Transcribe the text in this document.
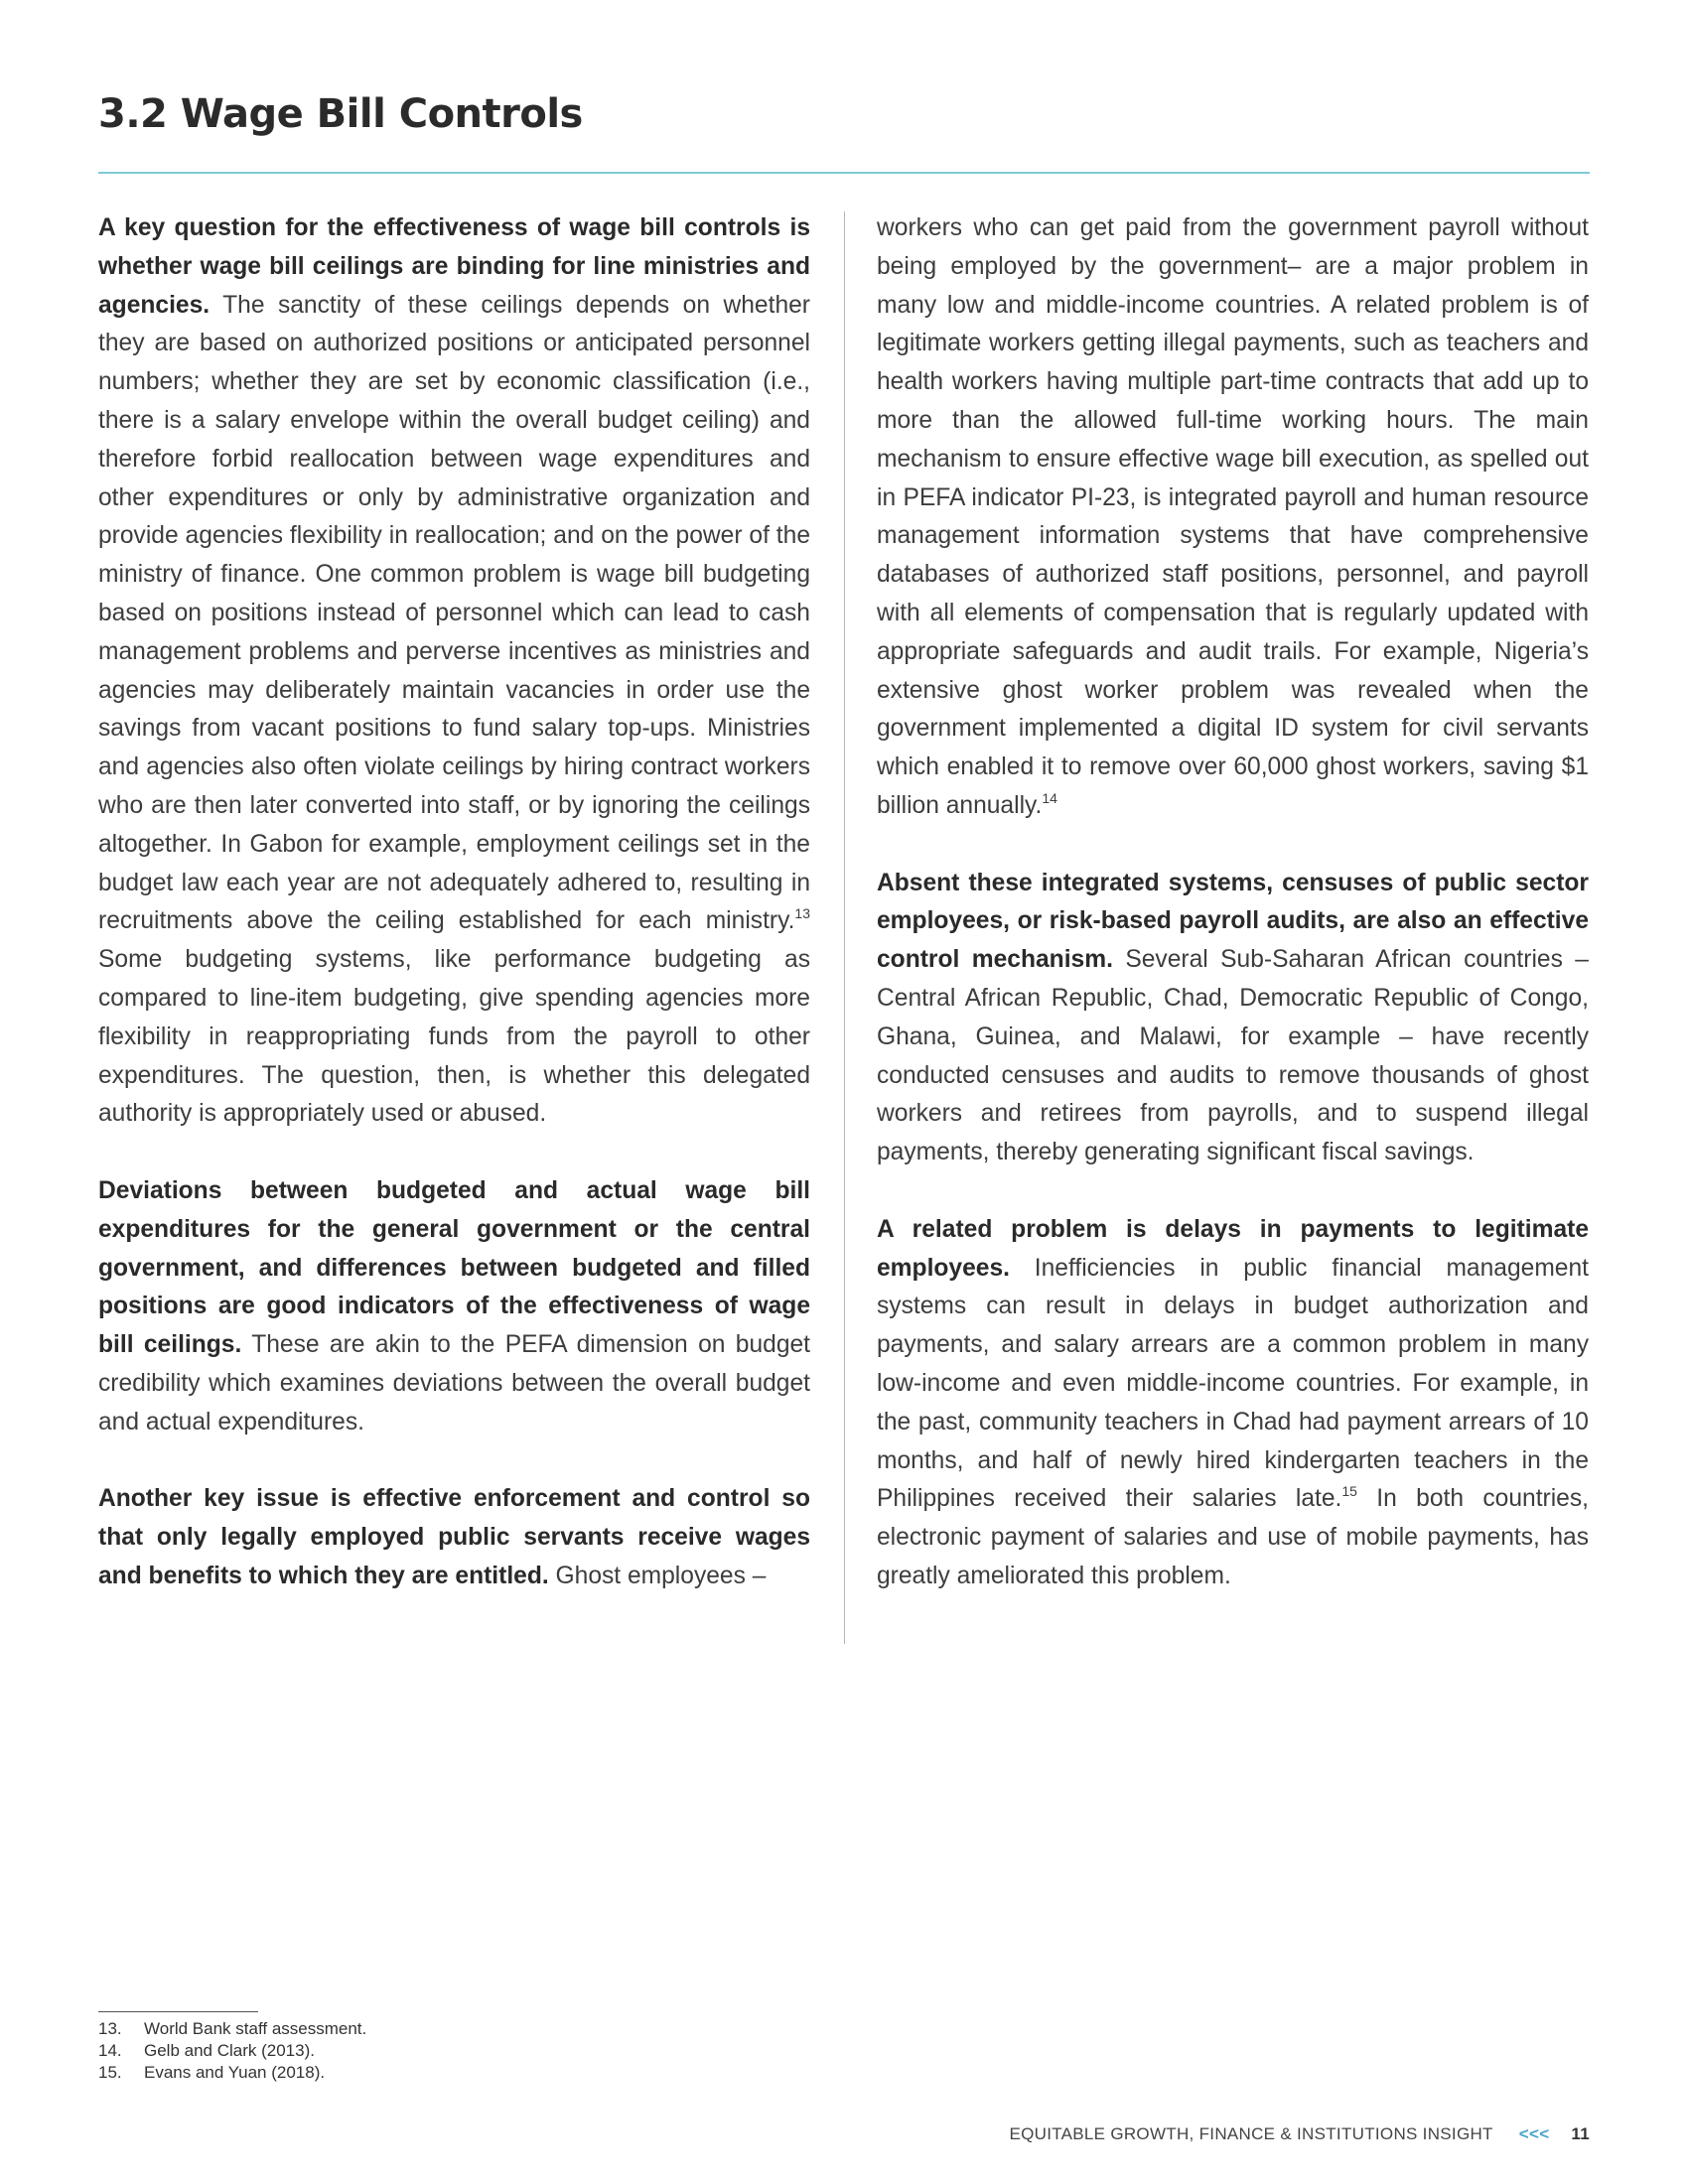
3.2 Wage Bill Controls

A key question for the effectiveness of wage bill controls is whether wage bill ceilings are binding for line ministries and agencies. The sanctity of these ceilings depends on whether they are based on authorized positions or anticipated personnel numbers; whether they are set by economic classification (i.e., there is a salary envelope within the overall budget ceiling) and therefore forbid reallocation between wage expenditures and other expenditures or only by administrative organization and provide agencies flexibility in reallocation; and on the power of the ministry of finance. One common problem is wage bill budgeting based on positions instead of personnel which can lead to cash management problems and perverse incentives as ministries and agencies may deliberately maintain vacancies in order use the savings from vacant positions to fund salary top-ups. Ministries and agencies also often violate ceilings by hiring contract workers who are then later converted into staff, or by ignoring the ceilings altogether. In Gabon for example, employment ceilings set in the budget law each year are not adequately adhered to, resulting in recruitments above the ceiling established for each ministry.$^{13}$ Some budgeting systems, like performance budgeting as compared to line-item budgeting, give spending agencies more flexibility in reappropriating funds from the payroll to other expenditures. The question, then, is whether this delegated authority is appropriately used or abused.

Deviations between budgeted and actual wage bill expenditures for the general government or the central government, and differences between budgeted and filled positions are good indicators of the effectiveness of wage bill ceilings. These are akin to the PEFA dimension on budget credibility which examines deviations between the overall budget and actual expenditures.

Another key issue is effective enforcement and control so that only legally employed public servants receive wages and benefits to which they are entitled. Ghost employees –

workers who can get paid from the government payroll without being employed by the government– are a major problem in many low and middle-income countries. A related problem is of legitimate workers getting illegal payments, such as teachers and health workers having multiple part-time contracts that add up to more than the allowed full-time working hours. The main mechanism to ensure effective wage bill execution, as spelled out in PEFA indicator PI-23, is integrated payroll and human resource management information systems that have comprehensive databases of authorized staff positions, personnel, and payroll with all elements of compensation that is regularly updated with appropriate safeguards and audit trails. For example, Nigeria’s extensive ghost worker problem was revealed when the government implemented a digital ID system for civil servants which enabled it to remove over 60,000 ghost workers, saving $1 billion annually.$^{14}$

Absent these integrated systems, censuses of public sector employees, or risk-based payroll audits, are also an effective control mechanism. Several Sub-Saharan African countries – Central African Republic, Chad, Democratic Republic of Congo, Ghana, Guinea, and Malawi, for example – have recently conducted censuses and audits to remove thousands of ghost workers and retirees from payrolls, and to suspend illegal payments, thereby generating significant fiscal savings.

A related problem is delays in payments to legitimate employees. Inefficiencies in public financial management systems can result in delays in budget authorization and payments, and salary arrears are a common problem in many low-income and even middle-income countries. For example, in the past, community teachers in Chad had payment arrears of 10 months, and half of newly hired kindergarten teachers in the Philippines received their salaries late.$^{15}$ In both countries, electronic payment of salaries and use of mobile payments, has greatly ameliorated this problem.

13. World Bank staff assessment.
14. Gelb and Clark (2013).
15. Evans and Yuan (2018).
EQUITABLE GROWTH, FINANCE & INSTITUTIONS INSIGHT <<< 11
